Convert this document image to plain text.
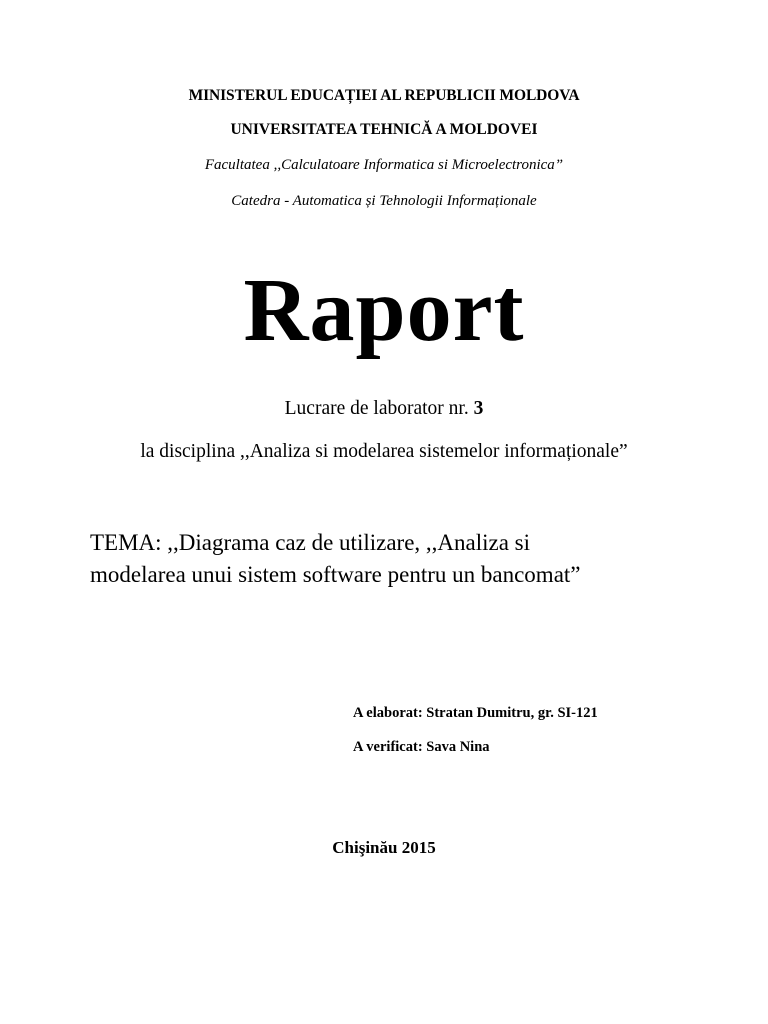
MINISTERUL EDUCAȚIEI AL REPUBLICII MOLDOVA
UNIVERSITATEA TEHNICĂ A MOLDOVEI
Facultatea ,,Calculatoare Informatica si Microelectronica”
Catedra - Automatica și Tehnologii Informaționale
Raport
Lucrare de laborator nr. 3
la disciplina ,,Analiza si modelarea sistemelor informaționale”
TEMA: ,,Diagrama caz de utilizare, ,,Analiza si
modelarea unui sistem software pentru un bancomat”
A elaborat: Stratan Dumitru, gr. SI-121
A verificat: Sava Nina
Chişinău 2015
